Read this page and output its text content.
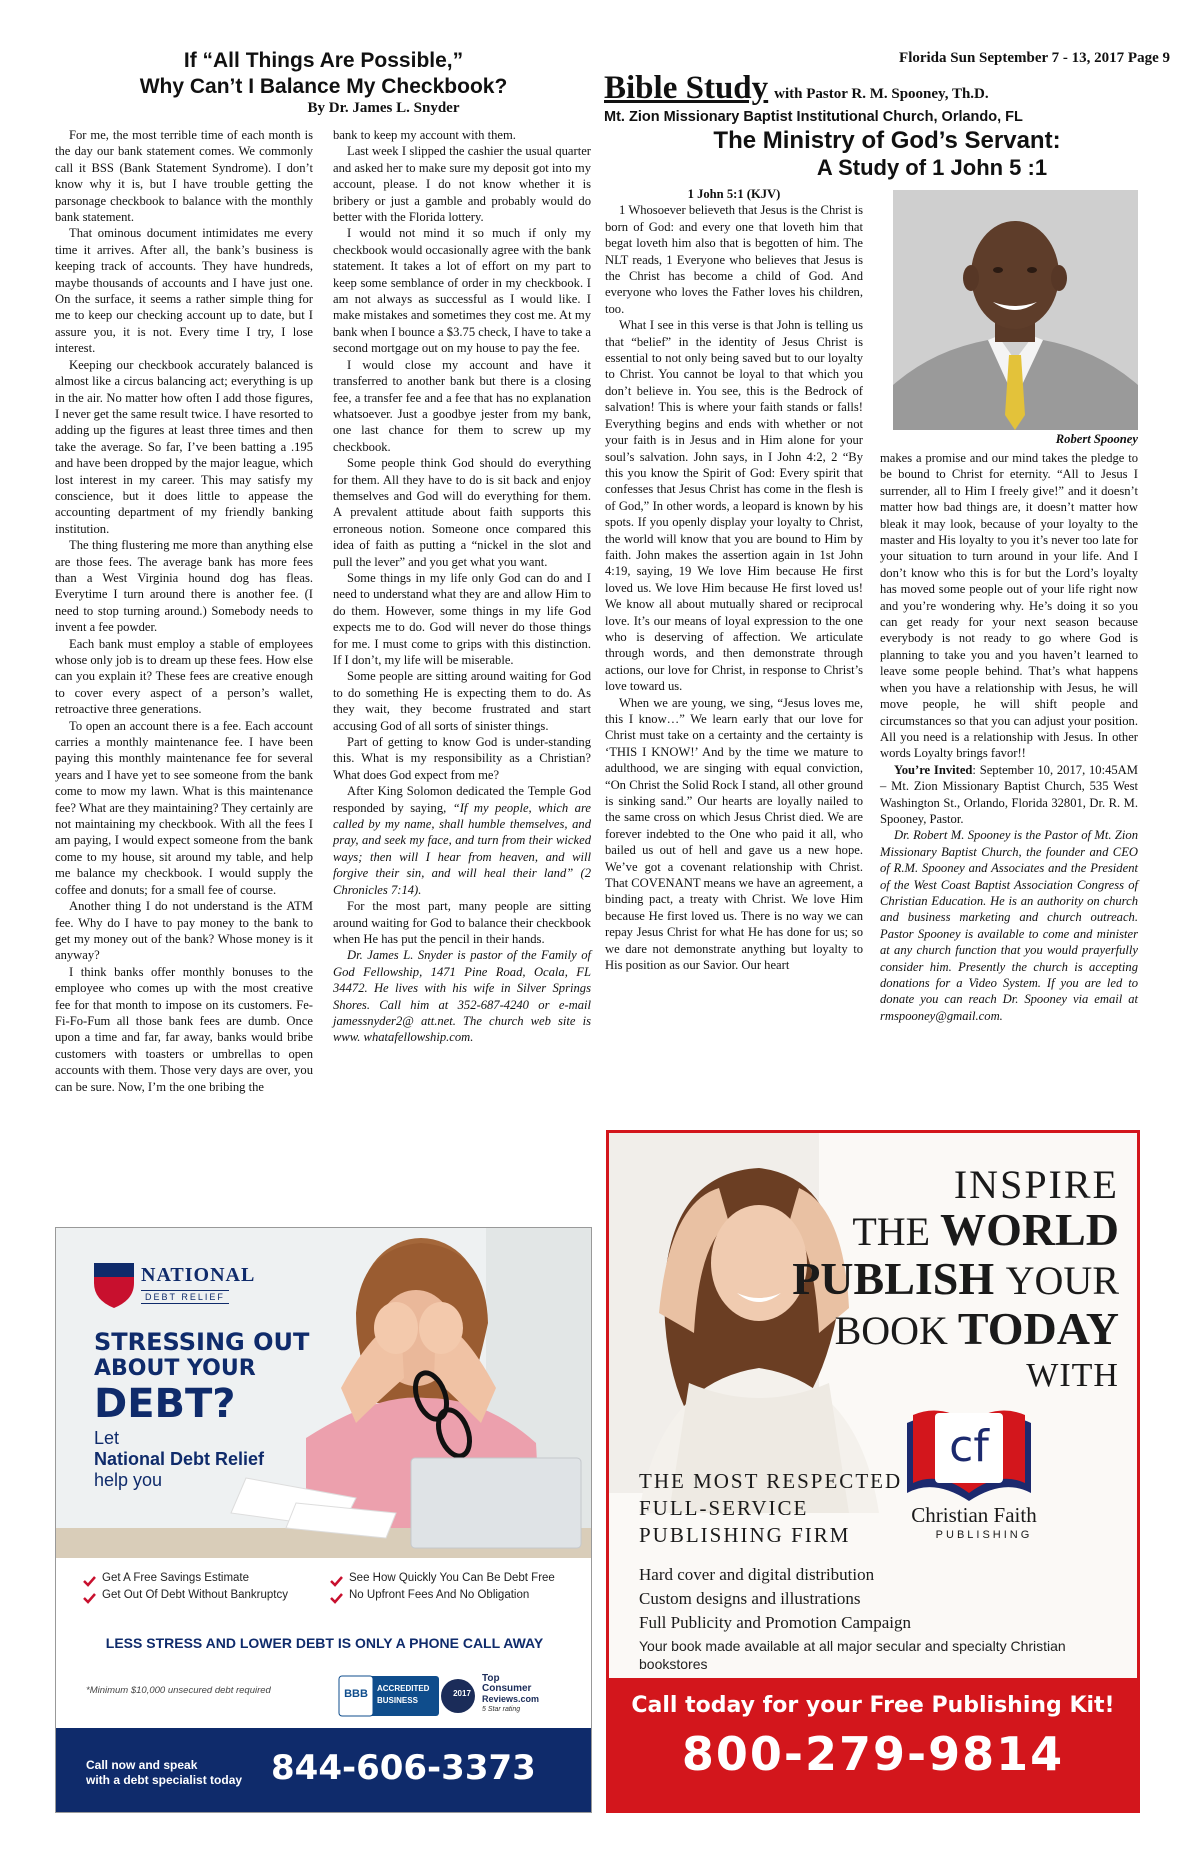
Florida Sun September 7 - 13, 2017 Page 9
If “All Things Are Possible,”
Why Can’t I Balance My Checkbook?
By Dr. James L. Snyder

For me, the most terrible time of each month is the day our bank statement comes. We commonly call it BSS (Bank Statement Syndrome). I don’t know why it is, but I have trouble getting the parsonage checkbook to balance with the monthly bank statement.

That ominous document intimidates me every time it arrives. After all, the bank’s business is keeping track of accounts. They have hundreds, maybe thousands of accounts and I have just one. On the surface, it seems a rather simple thing for me to keep our checking account up to date, but I assure you, it is not. Every time I try, I lose interest.

Keeping our checkbook accurately balanced is almost like a circus balancing act; everything is up in the air. No matter how often I add those figures, I never get the same result twice. I have resorted to adding up the figures at least three times and then take the average. So far, I’ve been batting a .195 and have been dropped by the major league, which lost interest in my career. This may satisfy my conscience, but it does little to appease the accounting department of my friendly banking institution.

The thing flustering me more than anything else are those fees. The average bank has more fees than a West Virginia hound dog has fleas. Everytime I turn around there is another fee. (I need to stop turning around.) Somebody needs to invent a fee powder.

Each bank must employ a stable of employees whose only job is to dream up these fees. How else can you explain it? These fees are creative enough to cover every aspect of a person’s wallet, retroactive three generations.

To open an account there is a fee. Each account carries a monthly maintenance fee. I have been paying this monthly maintenance fee for several years and I have yet to see someone from the bank come to mow my lawn. What is this maintenance fee? What are they maintaining? They certainly are not maintaining my checkbook. With all the fees I am paying, I would expect someone from the bank come to my house, sit around my table, and help me balance my checkbook. I would supply the coffee and donuts; for a small fee of course.

Another thing I do not understand is the ATM fee. Why do I have to pay money to the bank to get my money out of the bank? Whose money is it anyway?

I think banks offer monthly bonuses to the employee who comes up with the most creative fee for that month to impose on its customers. Fe-Fi-Fo-Fum all those bank fees are dumb. Once upon a time and far, far away, banks would bribe customers with toasters or umbrellas to open accounts with them. Those very days are over, you can be sure. Now, I’m the one bribing the

bank to keep my account with them.

Last week I slipped the cashier the usual quarter and asked her to make sure my deposit got into my account, please. I do not know whether it is bribery or just a gamble and probably would do better with the Florida lottery.

I would not mind it so much if only my checkbook would occasionally agree with the bank statement. It takes a lot of effort on my part to keep some semblance of order in my checkbook. I am not always as successful as I would like. I make mistakes and sometimes they cost me. At my bank when I bounce a $3.75 check, I have to take a second mortgage out on my house to pay the fee.

I would close my account and have it transferred to another bank but there is a closing fee, a transfer fee and a fee that has no explanation whatsoever. Just a goodbye jester from my bank, one last chance for them to screw up my checkbook.

Some people think God should do everything for them. All they have to do is sit back and enjoy themselves and God will do everything for them. A prevalent attitude about faith supports this erroneous notion. Someone once compared this idea of faith as putting a “nickel in the slot and pull the lever” and you get what you want.

Some things in my life only God can do and I need to understand what they are and allow Him to do them. However, some things in my life God expects me to do. God will never do those things for me. I must come to grips with this distinction. If I don’t, my life will be miserable.

Some people are sitting around waiting for God to do something He is expecting them to do. As they wait, they become frustrated and start accusing God of all sorts of sinister things.

Part of getting to know God is under-standing this. What is my responsibility as a Christian? What does God expect from me?

After King Solomon dedicated the Temple God responded by saying, “If my people, which are called by my name, shall humble themselves, and pray, and seek my face, and turn from their wicked ways; then will I hear from heaven, and will forgive their sin, and will heal their land” (2 Chronicles 7:14).

For the most part, many people are sitting around waiting for God to balance their checkbook when He has put the pencil in their hands.

Dr. James L. Snyder is pastor of the Family of God Fellowship, 1471 Pine Road, Ocala, FL 34472. He lives with his wife in Silver Springs Shores. Call him at 352-687-4240 or e-mail jamessnyder2@ att.net. The church web site is www. whatafellowship.com.

Bible Study with Pastor R. M. Spooney, Th.D.
Mt. Zion Missionary Baptist Institutional Church, Orlando, FL
The Ministry of God’s Servant:
A Study of 1 John 5 :1
1 John 5:1 (KJV)

1 Whosoever believeth that Jesus is the Christ is born of God: and every one that loveth him that begat loveth him also that is begotten of him. The NLT reads, 1 Everyone who believes that Jesus is the Christ has become a child of God. And everyone who loves the Father loves his children, too.

What I see in this verse is that John is telling us that “belief” in the identity of Jesus Christ is essential to not only being saved but to our loyalty to Christ. You cannot be loyal to that which you don’t believe in. You see, this is the Bedrock of salvation! This is where your faith stands or falls! Everything begins and ends with whether or not your faith is in Jesus and in Him alone for your soul’s salvation. John says, in I John 4:2, 2 “By this you know the Spirit of God: Every spirit that confesses that Jesus Christ has come in the flesh is of God,” In other words, a leopard is known by his spots. If you openly display your loyalty to Christ, the world will know that you are bound to Him by faith. John makes the assertion again in 1st John 4:19, saying, 19 We love Him because He first loved us. We love Him because He first loved us! We know all about mutually shared or reciprocal love. It’s our means of loyal expression to the one who is deserving of affection. We articulate through words, and then demonstrate through actions, our love for Christ, in response to Christ’s love toward us.

When we are young, we sing, “Jesus loves me, this I know…” We learn early that our love for Christ must take on a certainty and the certainty is ‘THIS I KNOW!’ And by the time we mature to adulthood, we are singing with equal conviction, “On Christ the Solid Rock I stand, all other ground is sinking sand.” Our hearts are loyally nailed to the same cross on which Jesus Christ died. We are forever indebted to the One who paid it all, who bailed us out of hell and gave us a new hope. We’ve got a covenant relationship with Christ. That COVENANT means we have an agreement, a binding pact, a treaty with Christ. We love Him because He first loved us. There is no way we can repay Jesus Christ for what He has done for us; so we dare not demonstrate anything but loyalty to His position as our Savior. Our heart

Robert Spooney

makes a promise and our mind takes the pledge to be bound to Christ for eternity. “All to Jesus I surrender, all to Him I freely give!” and it doesn’t matter how bad things are, it doesn’t matter how bleak it may look, because of your loyalty to the master and His loyalty to you it’s never too late for your situation to turn around in your life. And I don’t know who this is for but the Lord’s loyalty has moved some people out of your life right now and you’re wondering why. He’s doing it so you can get ready for your next season because everybody is not ready to go where God is planning to take you and you haven’t learned to leave some people behind. That’s what happens when you have a relationship with Jesus, he will move people, he will shift people and circumstances so that you can adjust your position. All you need is a relationship with Jesus. In other words Loyalty brings favor!!

You’re Invited: September 10, 2017, 10:45AM – Mt. Zion Missionary Baptist Church, 535 West Washington St., Orlando, Florida 32801, Dr. R. M. Spooney, Pastor.

Dr. Robert M. Spooney is the Pastor of Mt. Zion Missionary Baptist Church, the founder and CEO of R.M. Spooney and Associates and the President of the West Coast Baptist Association Congress of Christian Education. He is an authority on church and business marketing and church outreach. Pastor Spooney is available to come and minister at any church function that you would prayerfully consider him. Presently the church is accepting donations for a Video System. If you are led to donate you can reach Dr. Spooney via email at rmspooney@gmail.com.

NATIONAL
DEBT RELIEF
STRESSING OUT
ABOUT YOUR
DEBT?
Let
National Debt Relief
help you
Get A Free Savings Estimate	See How Quickly You Can Be Debt Free
Get Out Of Debt Without Bankruptcy	No Upfront Fees And No Obligation
LESS STRESS AND LOWER DEBT IS ONLY A PHONE CALL AWAY
*Minimum $10,000 unsecured debt required	BBB	ACCREDITED
BUSINESS
2017
Top
Consumer
Reviews.com
5 Star rating
Call now and speak
with a debt specialist today 844-606-3373
INSPIRE
THE WORLD
PUBLISH YOUR
BOOK TODAY
WITH
cf
Christian Faith
PUBLISHING
THE MOST RESPECTED
FULL-SERVICE
PUBLISHING FIRM
Hard cover and digital distribution
Custom designs and illustrations
Full Publicity and Promotion Campaign
Your book made available at all major secular and specialty Christian bookstores
Call today for your Free Publishing Kit!
800-279-9814
